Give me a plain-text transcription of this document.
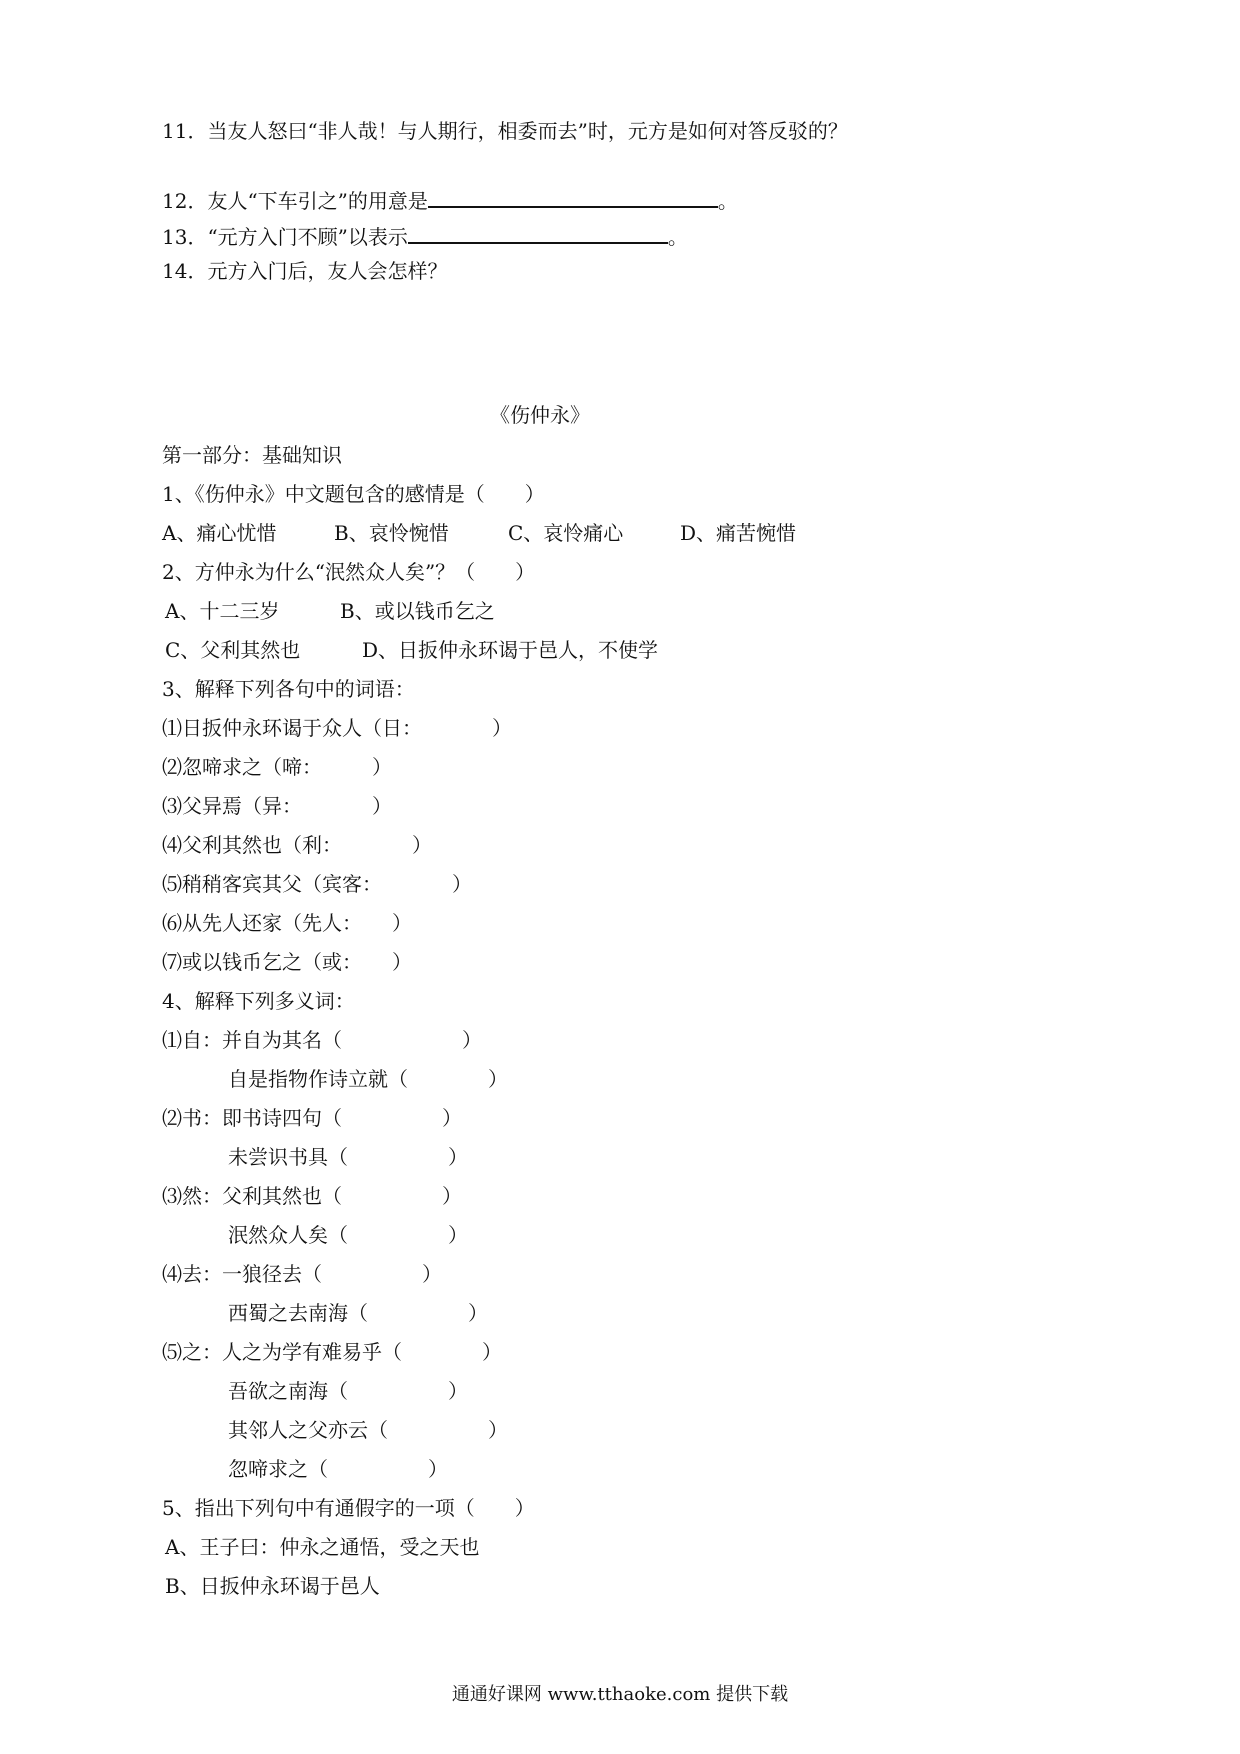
11．当友人怒曰“非人哉！与人期行，相委而去”时，元方是如何对答反驳的？
12．友人“下车引之”的用意是	。
13．“元方入门不顾”以表示	。
14．元方入门后，友人会怎样？
《伤仲永》
第一部分：基础知识
1、《伤仲永》中文题包含的感情是（　　）
A、痛心忧惜	B、哀怜惋惜	C、哀怜痛心	D、痛苦惋惜
2、方仲永为什么“泯然众人矣”？（　　）
A、十二三岁	B、或以钱币乞之
C、父利其然也	D、日扳仲永环谒于邑人，不使学
3、解释下列各句中的词语：
⑴日扳仲永环谒于众人（日：　　　　）
⑵忽啼求之（啼：　　　）
⑶父异焉（异：　　　　）
⑷父利其然也（利：　　　　）
⑸稍稍客宾其父（宾客：　　　　）
⑹从先人还家（先人：　　）
⑺或以钱币乞之（或：　　）
4、解释下列多义词：
⑴自：并自为其名（　　　　　　）
自是指物作诗立就（　　　　）
⑵书：即书诗四句（　　　　　）
未尝识书具（　　　　　）
⑶然：父利其然也（　　　　　）
泯然众人矣（　　　　　）
⑷去：一狼径去（　　　　　）
西蜀之去南海（　　　　　）
⑸之：人之为学有难易乎（　　　　）
吾欲之南海（　　　　　）
其邻人之父亦云（　　　　　）
忽啼求之（　　　　　）
5、指出下列句中有通假字的一项（　　）
A、王子曰：仲永之通悟，受之天也
B、日扳仲永环谒于邑人
通通好课网 www.tthaoke.com 提供下载
